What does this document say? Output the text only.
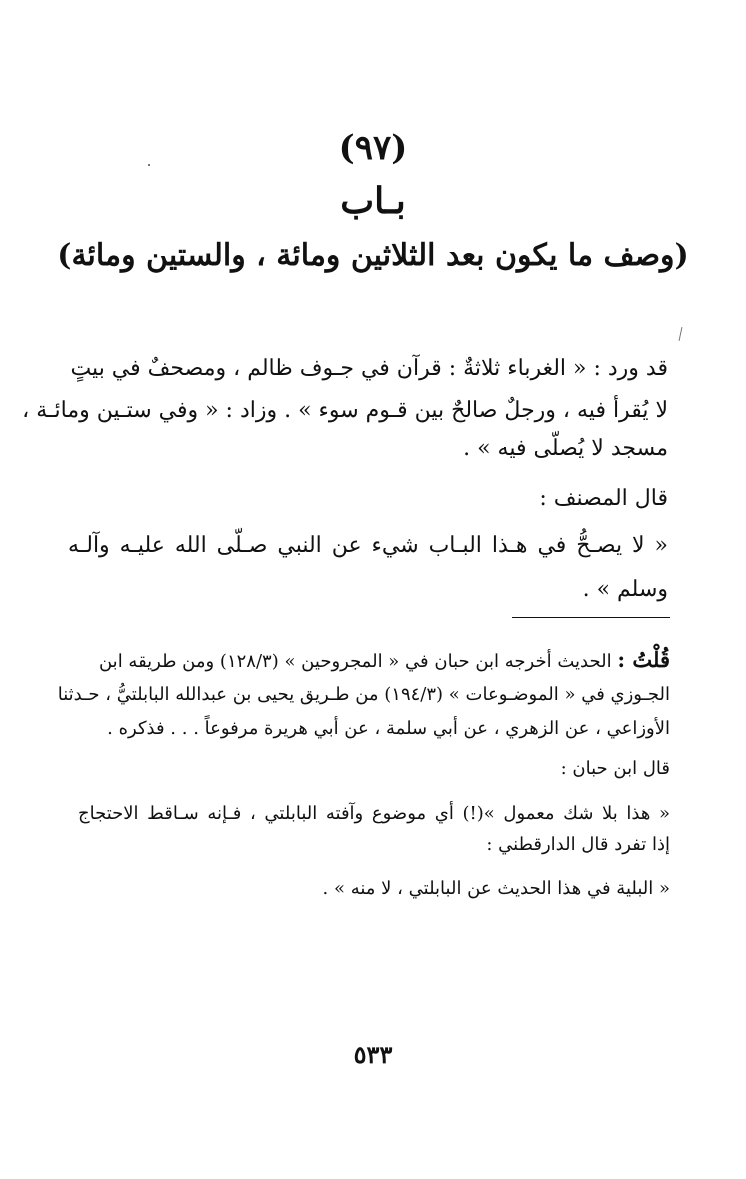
(٩٧)
بـاب
(وصف ما يكون بعد الثلاثين ومائة ، والستين ومائة)
قد ورد : « الغرباء ثلاثةٌ : قرآن في جـوف ظالم ، ومصحفٌ في بيتٍ
لا يُقرأ فيه ، ورجلٌ صالحٌ بين قـوم سوء » . وزاد : « وفي ستـين ومائـة ،
مسجد لا يُصلّى فيه » .
قال المصنف :
« لا يصـحُّ في هـذا البـاب شيء عن النبي صـلّى الله عليـه وآلـه
وسلم » .
قُلْتُ : الحديث أخرجه ابن حبان في « المجروحين » (١٢٨/٣) ومن طريقه ابن
الجـوزي في « الموضـوعات » (١٩٤/٣) من طـريق يحيى بن عبدالله البابلتيُّ ، حـدثنا
الأوزاعي ، عن الزهري ، عن أبي سلمة ، عن أبي هريرة مرفوعاً . . . فذكره .
قال ابن حبان :
« هذا بلا شك معمول »(!) أي موضوع وآفته البابلتي ، فـإنه سـاقط الاحتجاج
إذا تفرد قال الدارقطني :
« البلية في هذا الحديث عن البابلتي ، لا منه » .
٥٣٣
